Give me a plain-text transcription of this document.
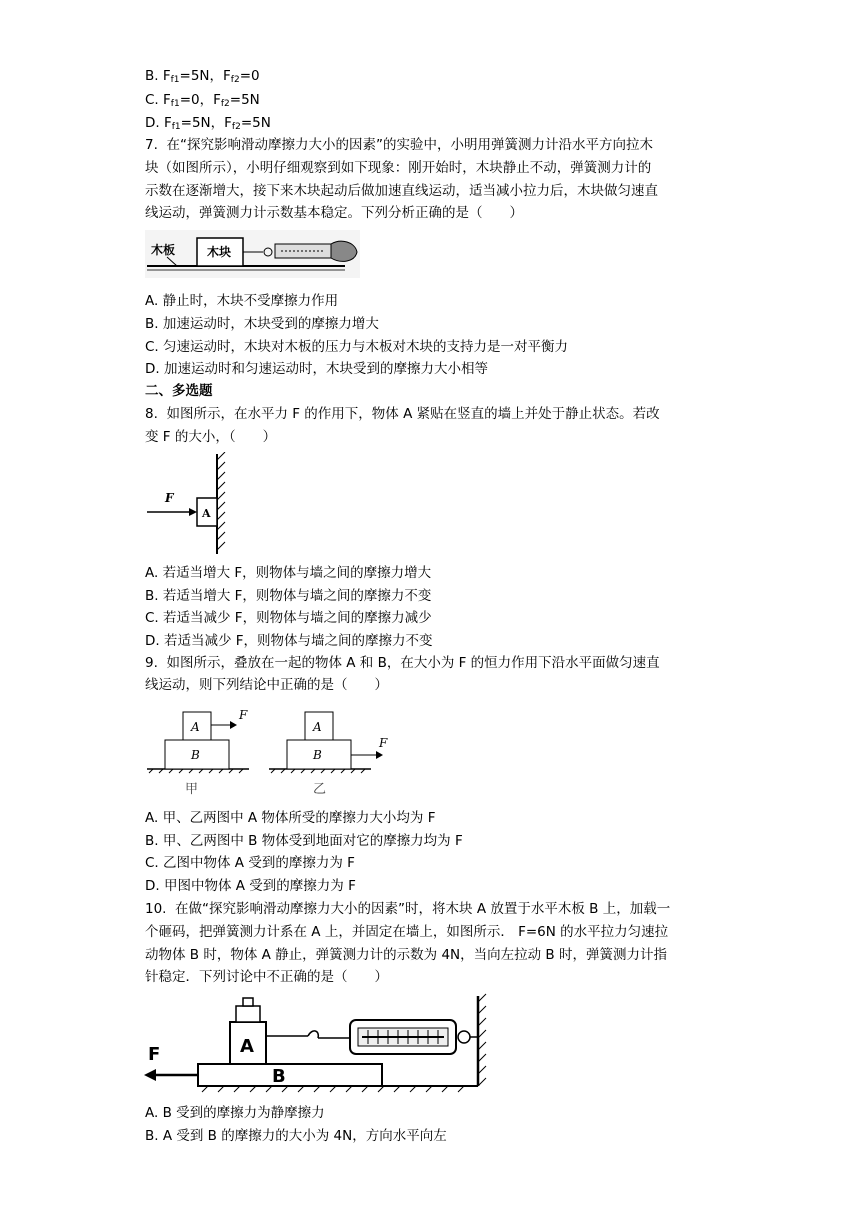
B. $F_{f1}=5N$，$F_{f2}=0$
C. $F_{f1}=0$，$F_{f2}=5N$
D. $F_{f1}=5N$，$F_{f2}=5N$
7.  在“探究影响滑动摩擦力大小的因素”的实验中，小明用弹簧测力计沿水平方向拉木
块（如图所示），小明仔细观察到如下现象：刚开始时，木块静止不动，弹簧测力计的
示数在逐渐增大，接下来木块起动后做加速直线运动，适当减小拉力后，木块做匀速直
线运动，弹簧测力计示数基本稳定。下列分析正确的是（　　）
木板	木块
A. 静止时，木块不受摩擦力作用
B. 加速运动时，木块受到的摩擦力增大
C. 匀速运动时，木块对木板的压力与木板对木块的支持力是一对平衡力
D. 加速运动时和匀速运动时，木块受到的摩擦力大小相等
二、多选题
8.  如图所示，在水平力 F 的作用下，物体 A 紧贴在竖直的墙上并处于静止状态。若改
变 F 的大小，（　　）
A
F
A. 若适当增大 F，则物体与墙之间的摩擦力增大
B. 若适当增大 F，则物体与墙之间的摩擦力不变
C. 若适当减少 F，则物体与墙之间的摩擦力减少
D. 若适当减少 F，则物体与墙之间的摩擦力不变
9.  如图所示，叠放在一起的物体 A 和 B，在大小为 F 的恒力作用下沿水平面做匀速直
线运动，则下列结论中正确的是（　　）
A
B
F
甲
A
B
F
乙
A. 甲、乙两图中 A 物体所受的摩擦力大小均为 F
B. 甲、乙两图中 B 物体受到地面对它的摩擦力均为 F
C. 乙图中物体 A 受到的摩擦力为 F
D. 甲图中物体 A 受到的摩擦力为 F
10.  在做“探究影响滑动摩擦力大小的因素”时，将木块 A 放置于水平木板 B 上，加载一
个砸码，把弹簧测力计系在 A 上，并固定在墙上，如图所示． F=6N 的水平拉力匀速拉
动物体 B 时，物体 A 静止，弹簧测力计的示数为 4N，当向左拉动 B 时，弹簧测力计指
针稳定．下列讨论中不正确的是（　　）
B
A
F
A. B 受到的摩擦力为静摩擦力
B. A 受到 B 的摩擦力的大小为 4N，方向水平向左
